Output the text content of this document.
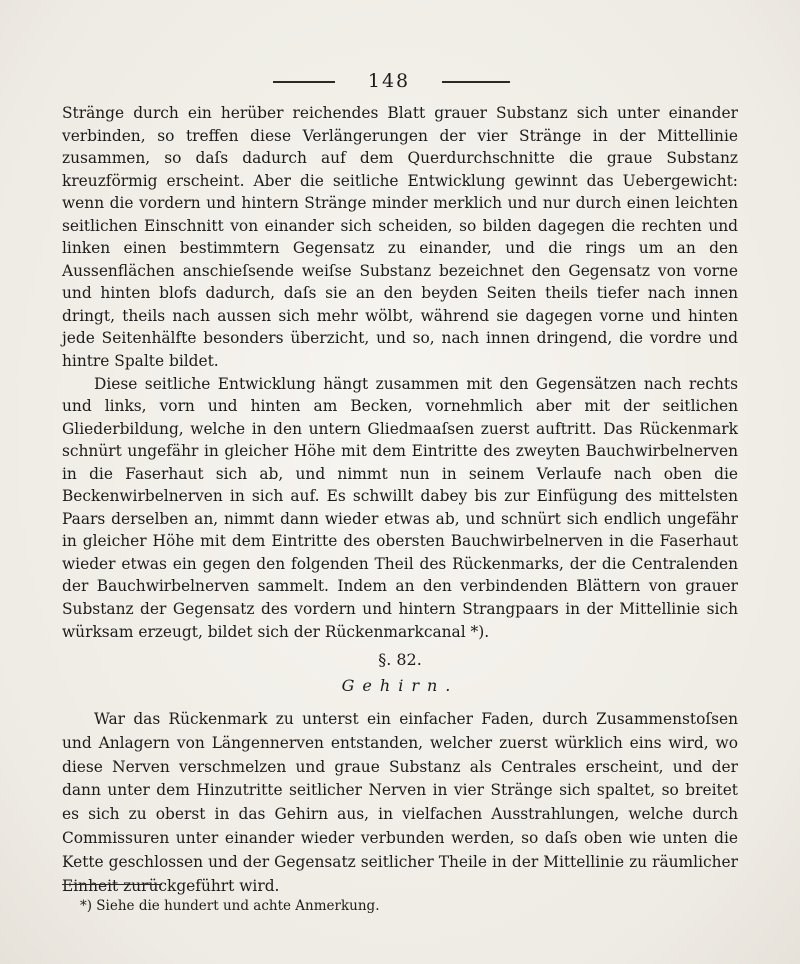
148

Stränge durch ein herüber reichendes Blatt grauer Substanz sich unter einander verbinden, so treffen diese Verlängerungen der vier Stränge in der Mittellinie zusammen, so daſs dadurch auf dem Querdurchschnitte die graue Substanz kreuzförmig erscheint. Aber die seitliche Entwicklung gewinnt das Uebergewicht: wenn die vordern und hintern Stränge minder merklich und nur durch einen leichten seitlichen Einschnitt von einander sich scheiden, so bilden dagegen die rechten und linken einen bestimmtern Gegensatz zu einander, und die rings um an den Aussenflächen anschieſsende weiſse Substanz bezeichnet den Gegensatz von vorne und hinten blofs dadurch, daſs sie an den beyden Seiten theils tiefer nach innen dringt, theils nach aussen sich mehr wölbt, während sie dagegen vorne und hinten jede Seitenhälfte besonders überzicht, und so, nach innen dringend, die vordre und hintre Spalte bildet.

Diese seitliche Entwicklung hängt zusammen mit den Gegensätzen nach rechts und links, vorn und hinten am Becken, vornehmlich aber mit der seitlichen Gliederbildung, welche in den untern Gliedmaaſsen zuerst auftritt. Das Rückenmark schnürt ungefähr in gleicher Höhe mit dem Eintritte des zweyten Bauchwirbelnerven in die Faserhaut sich ab, und nimmt nun in seinem Verlaufe nach oben die Beckenwirbelnerven in sich auf. Es schwillt dabey bis zur Einfügung des mittelsten Paars derselben an, nimmt dann wieder etwas ab, und schnürt sich endlich ungefähr in gleicher Höhe mit dem Eintritte des obersten Bauchwirbelnerven in die Faserhaut wieder etwas ein gegen den folgenden Theil des Rückenmarks, der die Centralenden der Bauchwirbelnerven sammelt. Indem an den verbindenden Blättern von grauer Substanz der Gegensatz des vordern und hintern Strangpaars in der Mittellinie sich würksam erzeugt, bildet sich der Rückenmarkcanal *).

§. 82.
Gehirn.

War das Rückenmark zu unterst ein einfacher Faden, durch Zusammenstoſsen und Anlagern von Längennerven entstanden, welcher zuerst würklich eins wird, wo diese Nerven verschmelzen und graue Substanz als Centrales erscheint, und der dann unter dem Hinzutritte seitlicher Nerven in vier Stränge sich spaltet, so breitet es sich zu oberst in das Gehirn aus, in vielfachen Ausstrahlungen, welche durch Commissuren unter einander wieder verbunden werden, so daſs oben wie unten die Kette geschlossen und der Gegensatz seitlicher Theile in der Mittellinie zu räumlicher Einheit zurückgeführt wird.

*) Siehe die hundert und achte Anmerkung.
